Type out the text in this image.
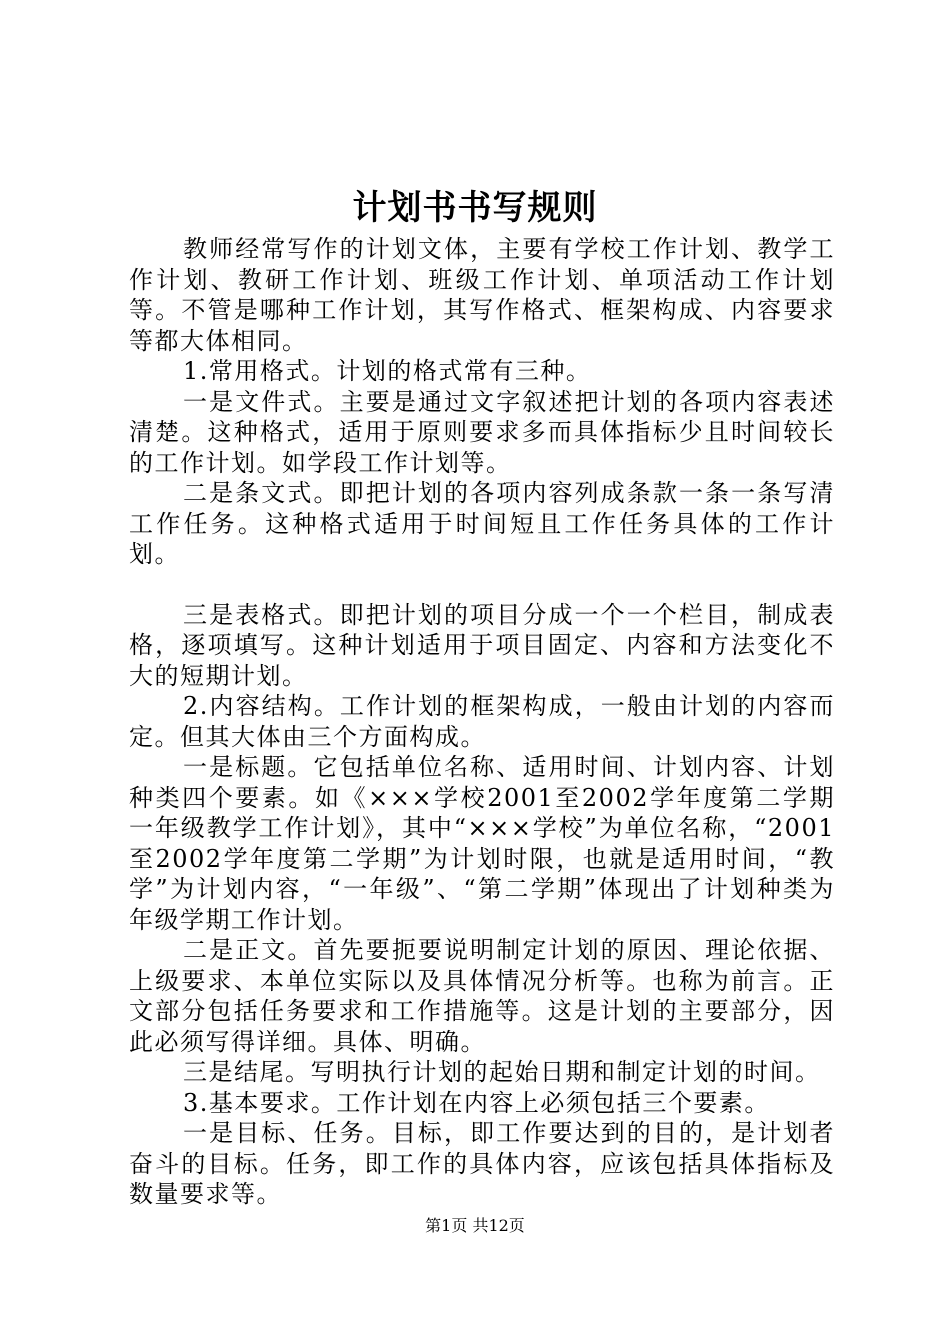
计划书书写规则

教师经常写作的计划文体，主要有学校工作计划、教学工作计划、教研工作计划、班级工作计划、单项活动工作计划等。不管是哪种工作计划，其写作格式、框架构成、内容要求等都大体相同。

1.常用格式。计划的格式常有三种。

一是文件式。主要是通过文字叙述把计划的各项内容表述清楚。这种格式，适用于原则要求多而具体指标少且时间较长的工作计划。如学段工作计划等。

二是条文式。即把计划的各项内容列成条款一条一条写清工作任务。这种格式适用于时间短且工作任务具体的工作计划。

三是表格式。即把计划的项目分成一个一个栏目，制成表格，逐项填写。这种计划适用于项目固定、内容和方法变化不大的短期计划。

2.内容结构。工作计划的框架构成，一般由计划的内容而定。但其大体由三个方面构成。

一是标题。它包括单位名称、适用时间、计划内容、计划种类四个要素。如《×××学校2001至2002学年度第二学期一年级教学工作计划》，其中“×××学校”为单位名称，“2001至2002学年度第二学期”为计划时限，也就是适用时间，“教学”为计划内容，“一年级”、“第二学期”体现出了计划种类为年级学期工作计划。

二是正文。首先要扼要说明制定计划的原因、理论依据、上级要求、本单位实际以及具体情况分析等。也称为前言。正文部分包括任务要求和工作措施等。这是计划的主要部分，因此必须写得详细。具体、明确。

三是结尾。写明执行计划的起始日期和制定计划的时间。

3.基本要求。工作计划在内容上必须包括三个要素。

一是目标、任务。目标，即工作要达到的目的，是计划者奋斗的目标。任务，即工作的具体内容，应该包括具体指标及数量要求等。

第1页 共12页
